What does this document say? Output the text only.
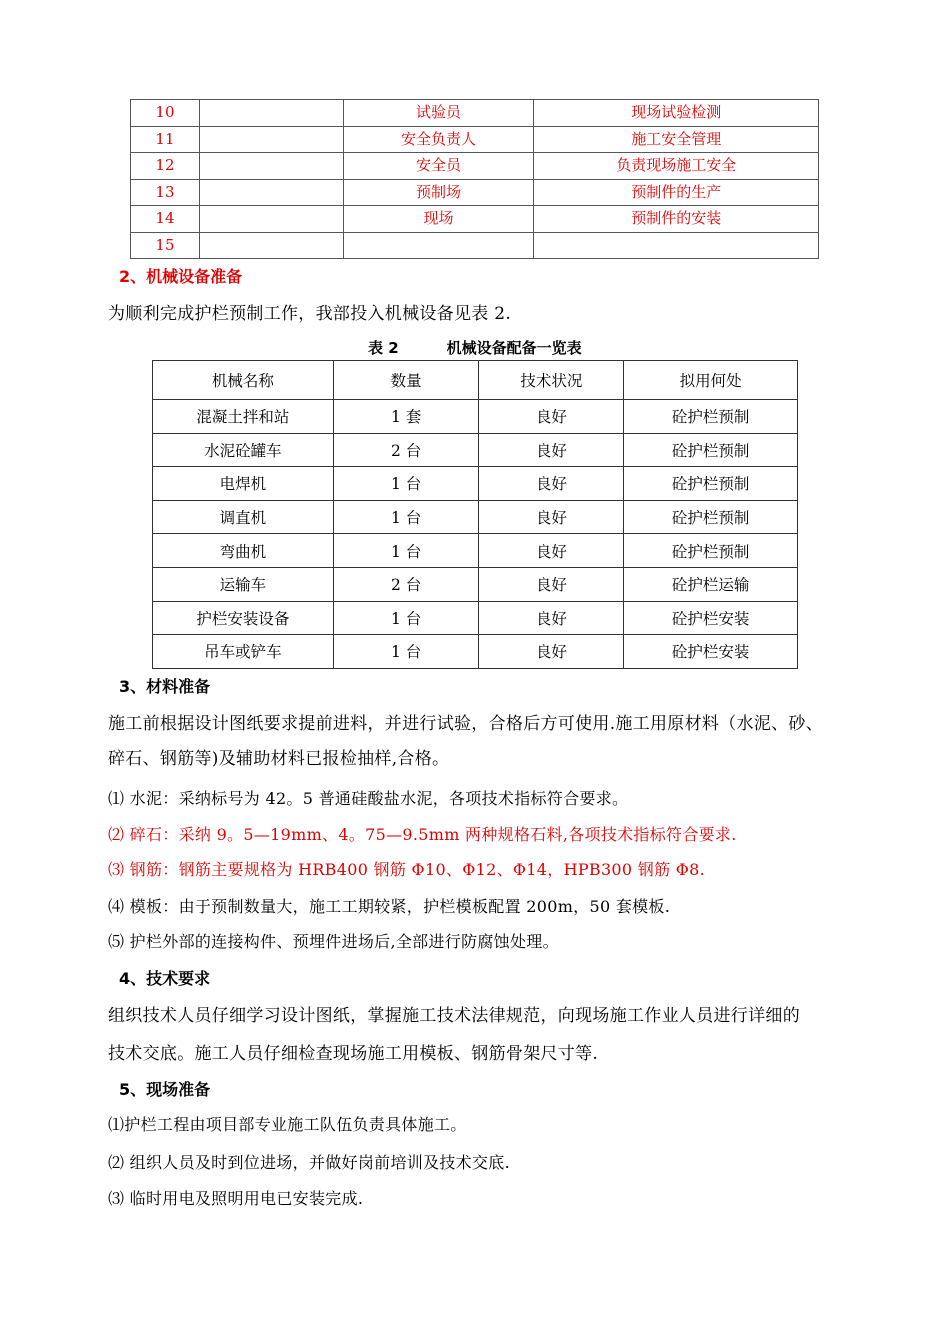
10		试验员	现场试验检测
11		安全负责人	施工安全管理
12		安全员	负责现场施工安全
13		预制场	预制件的生产
14		现场	预制件的安装
15			
2、机械设备准备
为顺利完成护栏预制工作，我部投入机械设备见表 2.
表 2	机械设备配备一览表
机械名称	数量	技术状况	拟用何处
混凝土拌和站	1 套	良好	砼护栏预制
水泥砼罐车	2 台	良好	砼护栏预制
电焊机	1 台	良好	砼护栏预制
调直机	1 台	良好	砼护栏预制
弯曲机	1 台	良好	砼护栏预制
运输车	2 台	良好	砼护栏运输
护栏安装设备	1 台	良好	砼护栏安装
吊车或铲车	1 台	良好	砼护栏安装
3、材料准备
施工前根据设计图纸要求提前进料，并进行试验，合格后方可使用.施工用原材料（水泥、砂、
碎石、钢筋等)及辅助材料已报检抽样,合格。
⑴ 水泥：采纳标号为 42。5 普通硅酸盐水泥，各项技术指标符合要求。
⑵ 碎石：采纳 9。5—19mm、4。75—9.5mm 两种规格石料,各项技术指标符合要求.
⑶ 钢筋：钢筋主要规格为 HRB400 钢筋 Φ10、Φ12、Φ14，HPB300 钢筋 Φ8.
⑷ 模板：由于预制数量大，施工工期较紧，护栏模板配置 200m，50 套模板.
⑸ 护栏外部的连接构件、预埋件进场后,全部进行防腐蚀处理。
4、技术要求
组织技术人员仔细学习设计图纸，掌握施工技术法律规范，向现场施工作业人员进行详细的
技术交底。施工人员仔细检查现场施工用模板、钢筋骨架尺寸等.
5、现场准备
⑴护栏工程由项目部专业施工队伍负责具体施工。
⑵ 组织人员及时到位进场，并做好岗前培训及技术交底.
⑶ 临时用电及照明用电已安装完成.
